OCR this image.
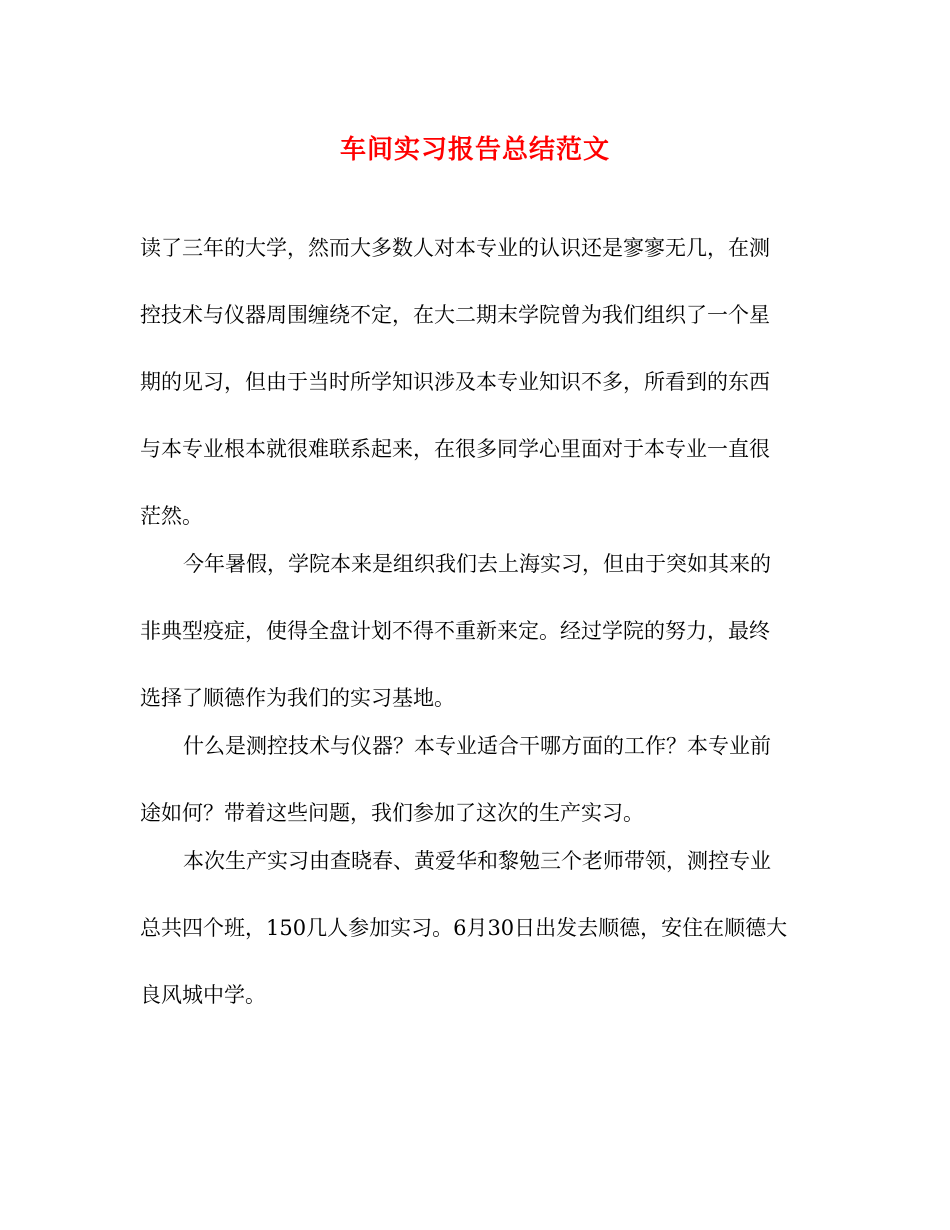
车间实习报告总结范文
读了三年的大学，然而大多数人对本专业的认识还是寥寥无几，在测
控技术与仪器周围缠绕不定，在大二期末学院曾为我们组织了一个星
期的见习，但由于当时所学知识涉及本专业知识不多，所看到的东西
与本专业根本就很难联系起来，在很多同学心里面对于本专业一直很
茫然。
今年暑假，学院本来是组织我们去上海实习，但由于突如其来的
非典型疫症，使得全盘计划不得不重新来定。经过学院的努力，最终
选择了顺德作为我们的实习基地。
什么是测控技术与仪器？本专业适合干哪方面的工作？本专业前
途如何？带着这些问题，我们参加了这次的生产实习。
本次生产实习由查晓春、黄爱华和黎勉三个老师带领，测控专业
总共四个班，150几人参加实习。6月30日出发去顺德，安住在顺德大
良风城中学。
